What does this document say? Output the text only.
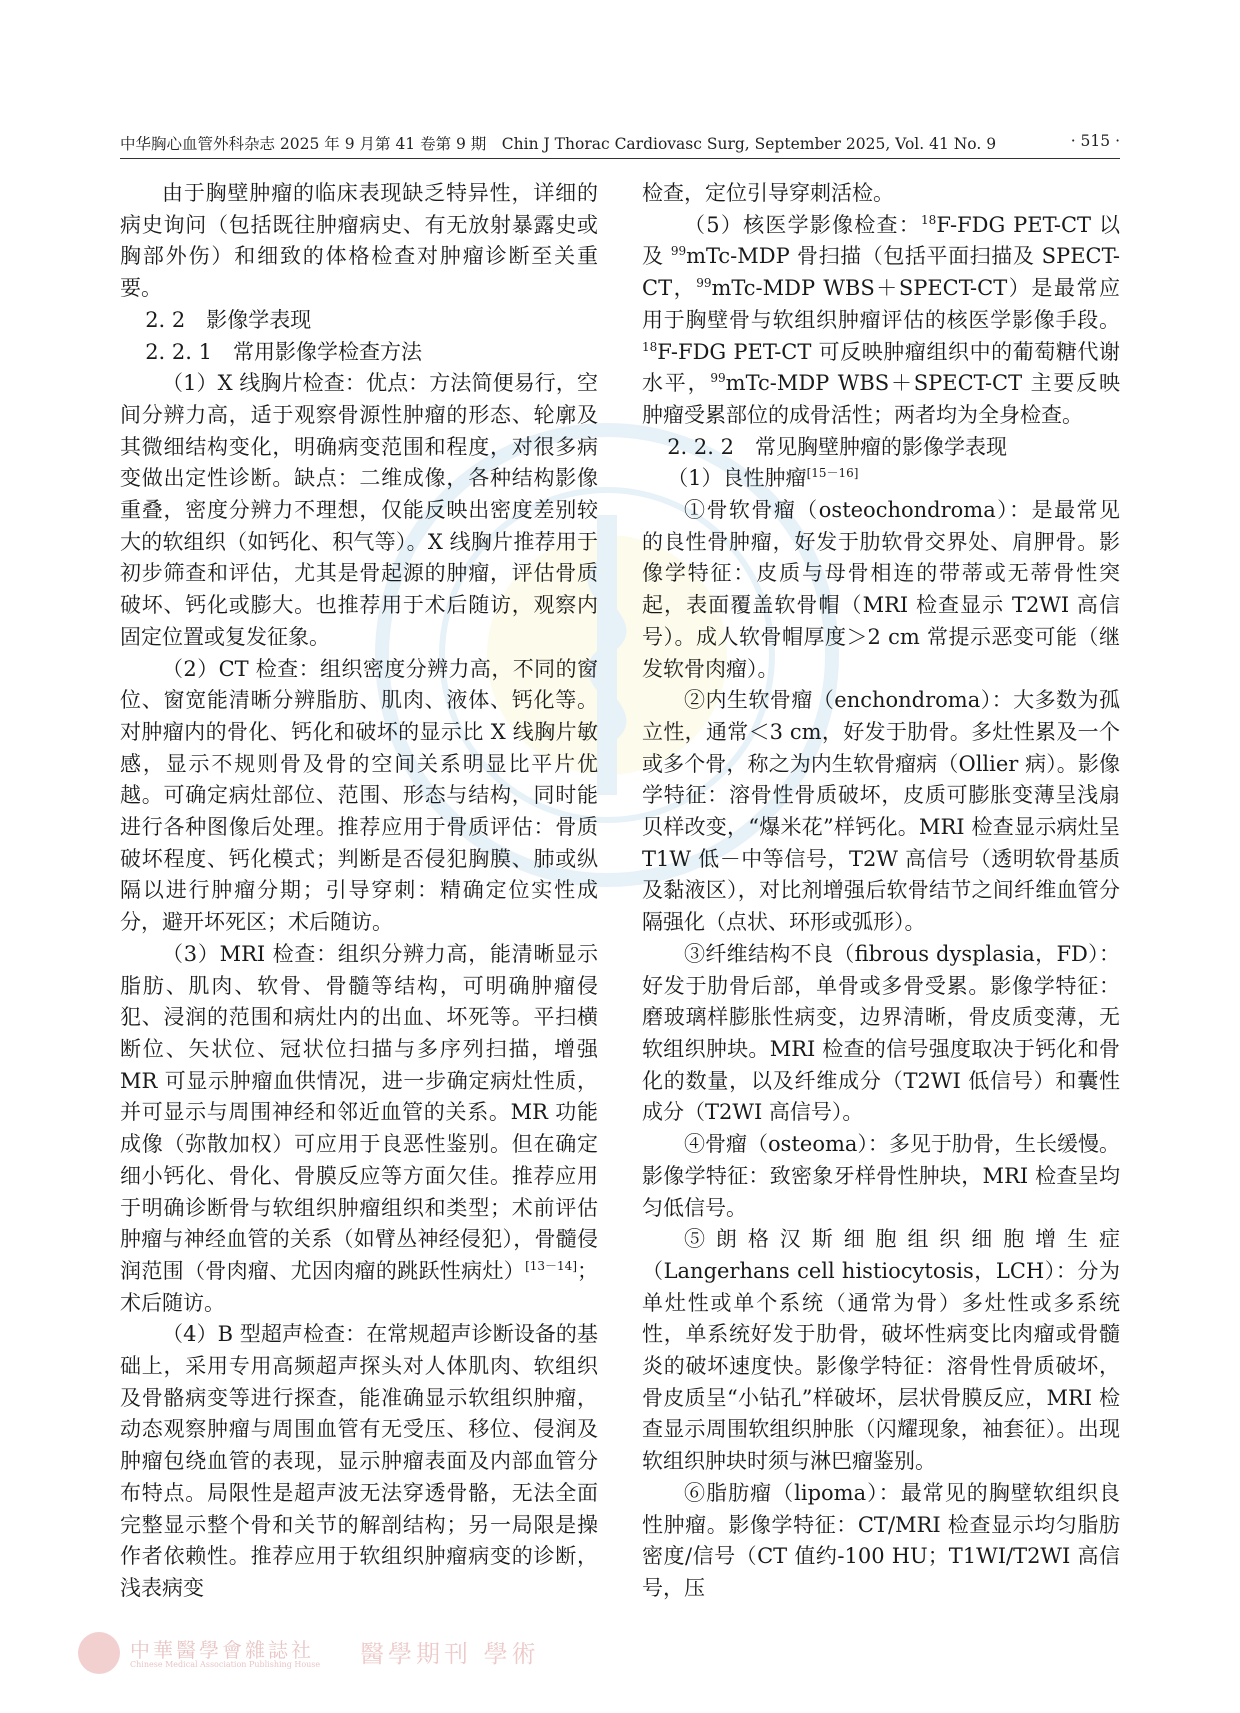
中华胸心血管外科杂志 2025 年 9 月第 41 卷第 9 期　Chin J Thorac Cardiovasc Surg, September 2025, Vol. 41 No. 9	· 515 ·

由于胸壁肿瘤的临床表现缺乏特异性，详细的病史询问（包括既往肿瘤病史、有无放射暴露史或胸部外伤）和细致的体格检查对肿瘤诊断至关重要。

2. 2　影像学表现

2. 2. 1　常用影像学检查方法

（1）X 线胸片检查：优点：方法简便易行，空间分辨力高，适于观察骨源性肿瘤的形态、轮廓及其微细结构变化，明确病变范围和程度，对很多病变做出定性诊断。缺点：二维成像，各种结构影像重叠，密度分辨力不理想，仅能反映出密度差别较大的软组织（如钙化、积气等）。X 线胸片推荐用于初步筛查和评估，尤其是骨起源的肿瘤，评估骨质破坏、钙化或膨大。也推荐用于术后随访，观察内固定位置或复发征象。

（2）CT 检查：组织密度分辨力高，不同的窗位、窗宽能清晰分辨脂肪、肌肉、液体、钙化等。对肿瘤内的骨化、钙化和破坏的显示比 X 线胸片敏感，显示不规则骨及骨的空间关系明显比平片优越。可确定病灶部位、范围、形态与结构，同时能进行各种图像后处理。推荐应用于骨质评估：骨质破坏程度、钙化模式；判断是否侵犯胸膜、肺或纵隔以进行肿瘤分期；引导穿刺：精确定位实性成分，避开坏死区；术后随访。

（3）MRI 检查：组织分辨力高，能清晰显示脂肪、肌肉、软骨、骨髓等结构，可明确肿瘤侵犯、浸润的范围和病灶内的出血、坏死等。平扫横断位、矢状位、冠状位扫描与多序列扫描，增强 MR 可显示肿瘤血供情况，进一步确定病灶性质，并可显示与周围神经和邻近血管的关系。MR 功能成像（弥散加权）可应用于良恶性鉴别。但在确定细小钙化、骨化、骨膜反应等方面欠佳。推荐应用于明确诊断骨与软组织肿瘤组织和类型；术前评估肿瘤与神经血管的关系（如臂丛神经侵犯），骨髓侵润范围（骨肉瘤、尤因肉瘤的跳跃性病灶）[13－14]；术后随访。

（4）B 型超声检查：在常规超声诊断设备的基础上，采用专用高频超声探头对人体肌肉、软组织及骨骼病变等进行探查，能准确显示软组织肿瘤，动态观察肿瘤与周围血管有无受压、移位、侵润及肿瘤包绕血管的表现，显示肿瘤表面及内部血管分布特点。局限性是超声波无法穿透骨骼，无法全面完整显示整个骨和关节的解剖结构；另一局限是操作者依赖性。推荐应用于软组织肿瘤病变的诊断，浅表病变

检查，定位引导穿刺活检。

（5）核医学影像检查：$^{18}$F-FDG PET-CT 以及 $^{99}$mTc-MDP 骨扫描（包括平面扫描及 SPECT-CT，$^{99}$mTc-MDP WBS＋SPECT-CT）是最常应用于胸壁骨与软组织肿瘤评估的核医学影像手段。$^{18}$F-FDG PET-CT 可反映肿瘤组织中的葡萄糖代谢水平，$^{99}$mTc-MDP WBS＋SPECT-CT 主要反映肿瘤受累部位的成骨活性；两者均为全身检查。

2. 2. 2　常见胸壁肿瘤的影像学表现

（1）良性肿瘤[15－16]

①骨软骨瘤（osteochondroma）：是最常见的良性骨肿瘤，好发于肋软骨交界处、肩胛骨。影像学特征：皮质与母骨相连的带蒂或无蒂骨性突起，表面覆盖软骨帽（MRI 检查显示 T2WI 高信号）。成人软骨帽厚度＞2 cm 常提示恶变可能（继发软骨肉瘤）。

②内生软骨瘤（enchondroma）：大多数为孤立性，通常＜3 cm，好发于肋骨。多灶性累及一个或多个骨，称之为内生软骨瘤病（Ollier 病）。影像学特征：溶骨性骨质破坏，皮质可膨胀变薄呈浅扇贝样改变，“爆米花”样钙化。MRI 检查显示病灶呈 T1W 低－中等信号，T2W 高信号（透明软骨基质及黏液区），对比剂增强后软骨结节之间纤维血管分隔强化（点状、环形或弧形）。

③纤维结构不良（fibrous dysplasia，FD）：好发于肋骨后部，单骨或多骨受累。影像学特征：磨玻璃样膨胀性病变，边界清晰，骨皮质变薄，无软组织肿块。MRI 检查的信号强度取决于钙化和骨化的数量，以及纤维成分（T2WI 低信号）和囊性成分（T2WI 高信号）。

④骨瘤（osteoma）：多见于肋骨，生长缓慢。影像学特征：致密象牙样骨性肿块，MRI 检查呈均匀低信号。

⑤朗格汉斯细胞组织细胞增生症（Langerhans cell histiocytosis，LCH）：分为单灶性或单个系统（通常为骨）多灶性或多系统性，单系统好发于肋骨，破坏性病变比肉瘤或骨髓炎的破坏速度快。影像学特征：溶骨性骨质破坏，骨皮质呈“小钻孔”样破坏，层状骨膜反应，MRI 检查显示周围软组织肿胀（闪耀现象，袖套征）。出现软组织肿块时须与淋巴瘤鉴别。

⑥脂肪瘤（lipoma）：最常见的胸壁软组织良性肿瘤。影像学特征：CT/MRI 检查显示均匀脂肪密度/信号（CT 值约-100 HU；T1WI/T2WI 高信号，压

中華醫學會雜誌社
Chinese Medical Association Publishing House 醫學期刊 學術
